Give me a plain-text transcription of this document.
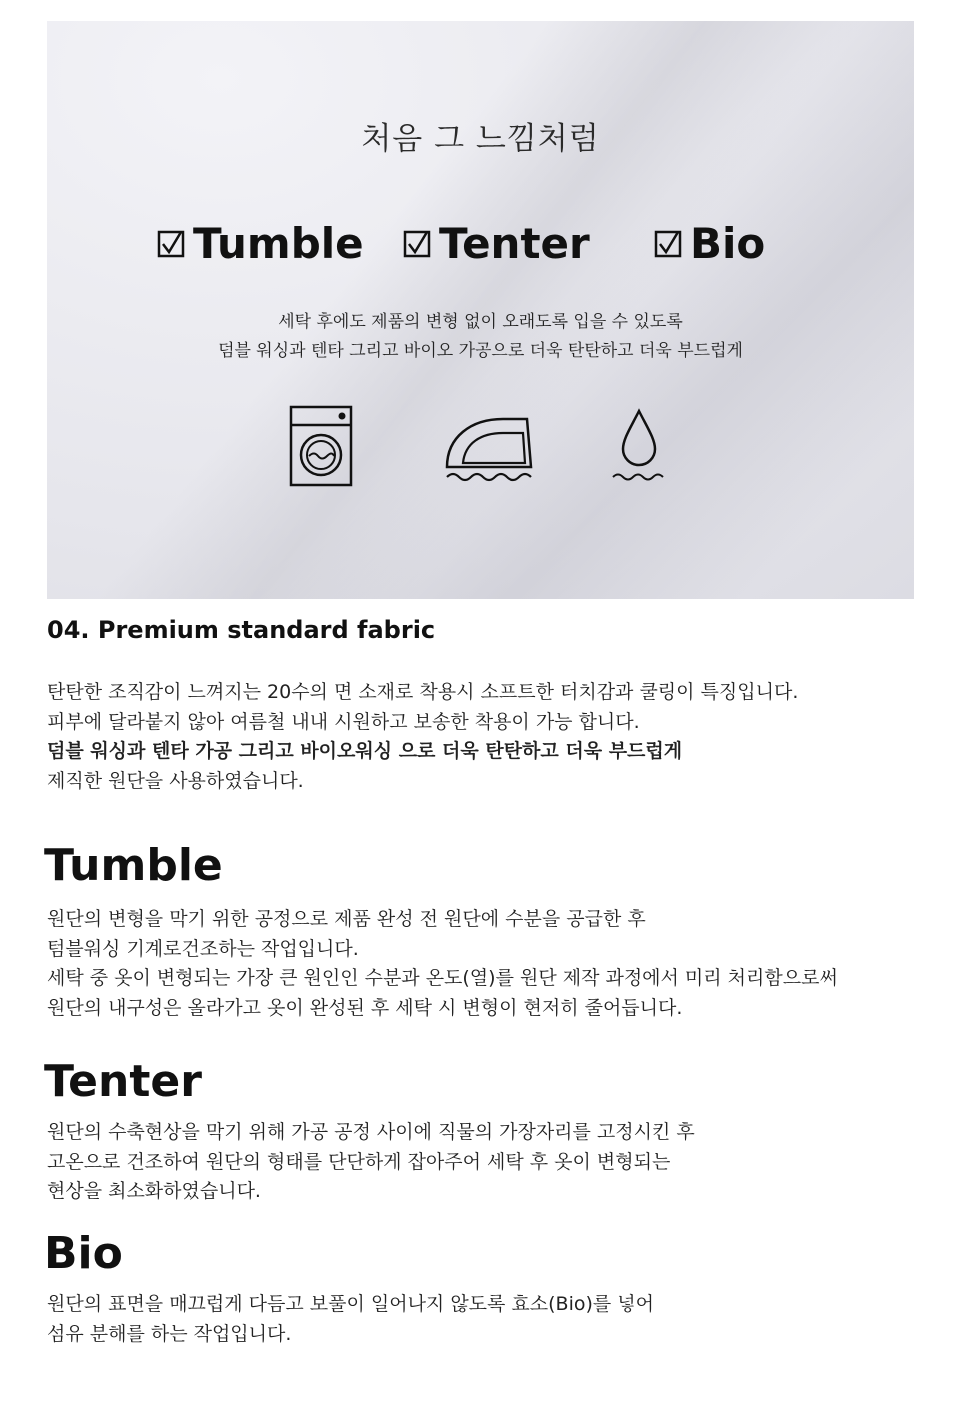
처음 그 느낌처럼
Tumble Tenter Bio
세탁 후에도 제품의 변형 없이 오래도록 입을 수 있도록
덤블 워싱과 텐타 그리고 바이오 가공으로 더욱 탄탄하고 더욱 부드럽게
04. Premium standard fabric
탄탄한 조직감이 느껴지는 20수의 면 소재로 착용시 소프트한 터치감과 쿨링이 특징입니다.
피부에 달라붙지 않아 여름철 내내 시원하고 보송한 착용이 가능 합니다.
덤블 워싱과 텐타 가공 그리고 바이오워싱 으로 더욱 탄탄하고 더욱 부드럽게
제직한 원단을 사용하였습니다.
Tumble
원단의 변형을 막기 위한 공정으로 제품 완성 전 원단에 수분을 공급한 후
텀블워싱 기계로건조하는 작업입니다.
세탁 중 옷이 변형되는 가장 큰 원인인 수분과 온도(열)를 원단 제작 과정에서 미리 처리함으로써
원단의 내구성은 올라가고 옷이 완성된 후 세탁 시 변형이 현저히 줄어듭니다.
Tenter
원단의 수축현상을 막기 위해 가공 공정 사이에 직물의 가장자리를 고정시킨 후
고온으로 건조하여 원단의 형태를 단단하게 잡아주어 세탁 후 옷이 변형되는
현상을 최소화하였습니다.
Bio
원단의 표면을 매끄럽게 다듬고 보풀이 일어나지 않도록 효소(Bio)를 넣어
섬유 분해를 하는 작업입니다.
